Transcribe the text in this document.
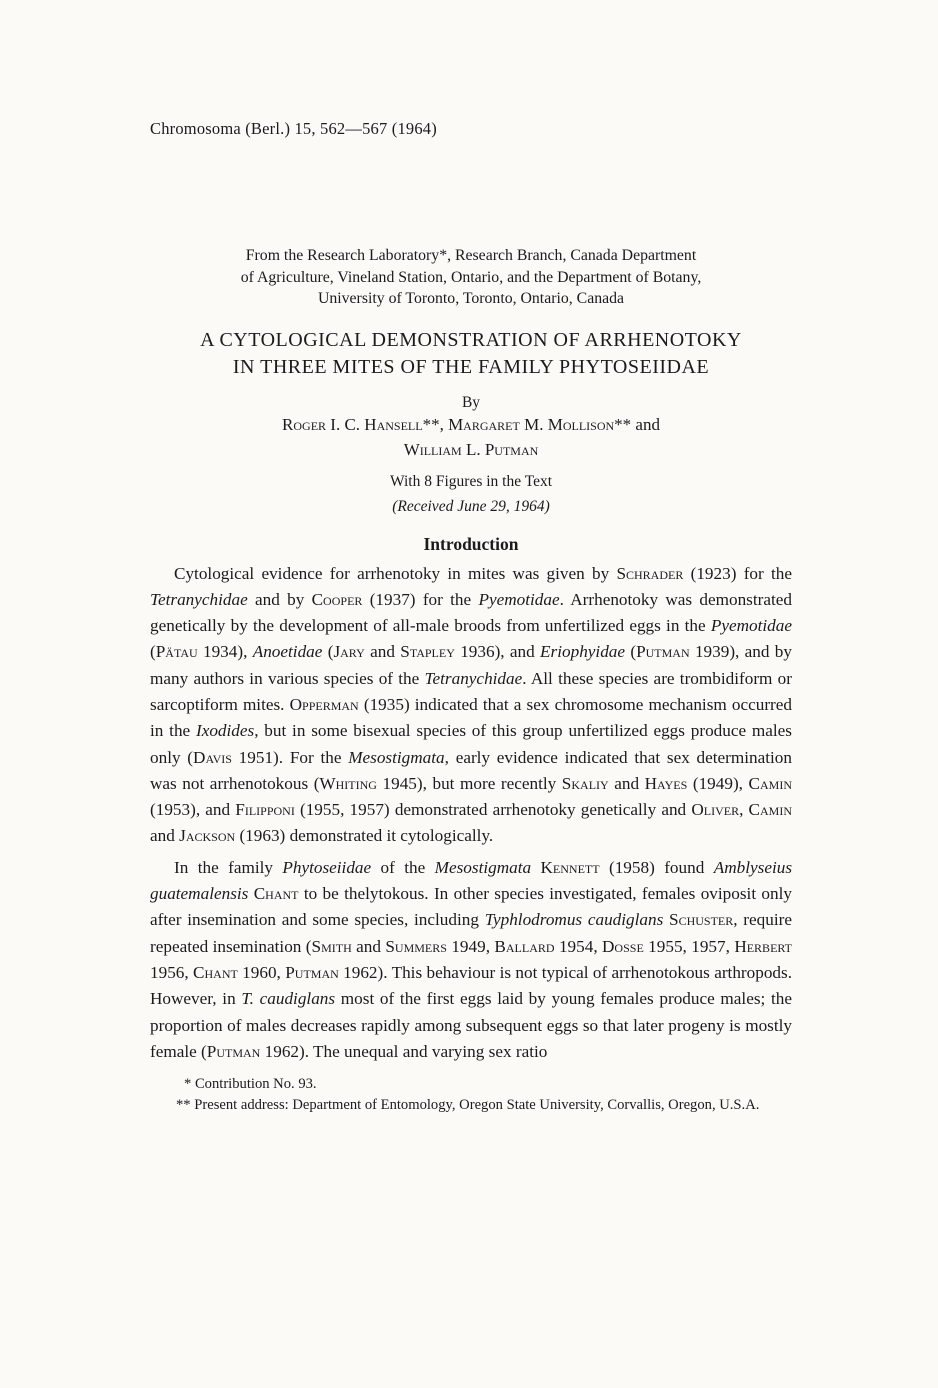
Chromosoma (Berl.) 15, 562—567 (1964)
From the Research Laboratory*, Research Branch, Canada Department
of Agriculture, Vineland Station, Ontario, and the Department of Botany,
University of Toronto, Toronto, Ontario, Canada
A CYTOLOGICAL DEMONSTRATION OF ARRHENOTOKY
IN THREE MITES OF THE FAMILY PHYTOSEIIDAE
By
Roger I. C. Hansell**, Margaret M. Mollison** and
William L. Putman
With 8 Figures in the Text
(Received June 29, 1964)
Introduction

Cytological evidence for arrhenotoky in mites was given by Schrader (1923) for the Tetranychidae and by Cooper (1937) for the Pyemotidae. Arrhenotoky was demonstrated genetically by the development of all-male broods from unfertilized eggs in the Pyemotidae (Pätau 1934), Anoetidae (Jary and Stapley 1936), and Eriophyidae (Putman 1939), and by many authors in various species of the Tetranychidae. All these species are trombidiform or sarcoptiform mites. Opperman (1935) indicated that a sex chromosome mechanism occurred in the Ixodides, but in some bisexual species of this group unfertilized eggs produce males only (Davis 1951). For the Mesostigmata, early evidence indicated that sex determination was not arrhenotokous (Whiting 1945), but more recently Skaliy and Hayes (1949), Camin (1953), and Filipponi (1955, 1957) demonstrated arrhenotoky genetically and Oliver, Camin and Jackson (1963) demonstrated it cytologically.

In the family Phytoseiidae of the Mesostigmata Kennett (1958) found Amblyseius guatemalensis Chant to be thelytokous. In other species investigated, females oviposit only after insemination and some species, including Typhlodromus caudiglans Schuster, require repeated insemination (Smith and Summers 1949, Ballard 1954, Dosse 1955, 1957, Herbert 1956, Chant 1960, Putman 1962). This behaviour is not typical of arrhenotokous arthropods. However, in T. caudiglans most of the first eggs laid by young females produce males; the proportion of males decreases rapidly among subsequent eggs so that later progeny is mostly female (Putman 1962). The unequal and varying sex ratio

* Contribution No. 93.

** Present address: Department of Entomology, Oregon State University, Corvallis, Oregon, U.S.A.
